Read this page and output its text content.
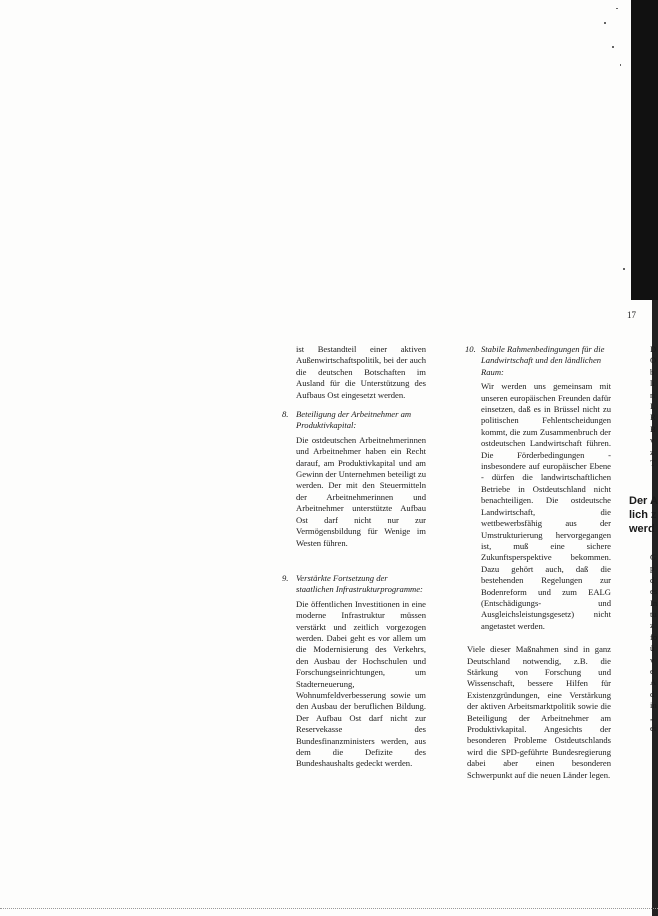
17

ist Bestandteil einer aktiven Außenwirtschaftspolitik, bei der auch die deutschen Botschaften im Ausland für die Unterstützung des Aufbaus Ost eingesetzt werden.

8. Beteiligung der Arbeitnehmer am Produktivkapital:

Die ostdeutschen Arbeitnehmerinnen und Arbeitnehmer haben ein Recht darauf, am Produktivkapital und am Gewinn der Unternehmen beteiligt zu werden. Der mit den Steuermitteln der Arbeitnehmerinnen und Arbeitnehmer unterstützte Aufbau Ost darf nicht nur zur Vermögensbildung für Wenige im Westen führen.

9. Verstärkte Fortsetzung der staatlichen Infrastrukturprogramme:

Die öffentlichen Investitionen in eine moderne Infrastruktur müssen verstärkt und zeitlich vorgezogen werden. Dabei geht es vor allem um die Modernisierung des Verkehrs, den Ausbau der Hochschulen und Forschungseinrichtungen, um Stadterneuerung, Wohnumfeldverbesserung sowie um den Ausbau der beruflichen Bildung. Der Aufbau Ost darf nicht zur Reservekasse des Bundesfinanzministers werden, aus dem die Defizite des Bundeshaushalts gedeckt werden.

10. Stabile Rahmenbedingungen für die Landwirtschaft und den ländlichen Raum:

Wir werden uns gemeinsam mit unseren europäischen Freunden dafür einsetzen, daß es in Brüssel nicht zu politischen Fehlentscheidungen kommt, die zum Zusammenbruch der ostdeutschen Landwirtschaft führen. Die Förderbedingungen - insbesondere auf europäischer Ebene - dürfen die landwirtschaftlichen Betriebe in Ostdeutschland nicht benachteiligen. Die ostdeutsche Landwirtschaft, die wettbewerbsfähig aus der Umstrukturierung hervorgegangen ist, muß eine sichere Zukunftsperspektive bekommen. Dazu gehört auch, daß die bestehenden Regelungen zur Bodenreform und zum EALG (Entschädigungs- und Ausgleichsleistungsgesetz) nicht angetastet werden.

Viele dieser Maßnahmen sind in ganz Deutschland notwendig, z.B. die Stärkung von Forschung und Wissenschaft, bessere Hilfen für Existenzgründungen, eine Verstärkung der aktiven Arbeitsmarktpolitik sowie die Beteiligung der Arbeitnehmer am Produktivkapital. Angesichts der besonderen Probleme Ostdeutschlands wird die SPD-geführte Bundesregierung dabei aber einen besonderen Schwerpunkt auf die neuen Länder legen.

D
O
b
li
ri
L
R
B
v
z
T
Der A
lich z
werd
G
p
d
es
In
tu
z
fo
ü
v
e
A
d
in
„
ei
